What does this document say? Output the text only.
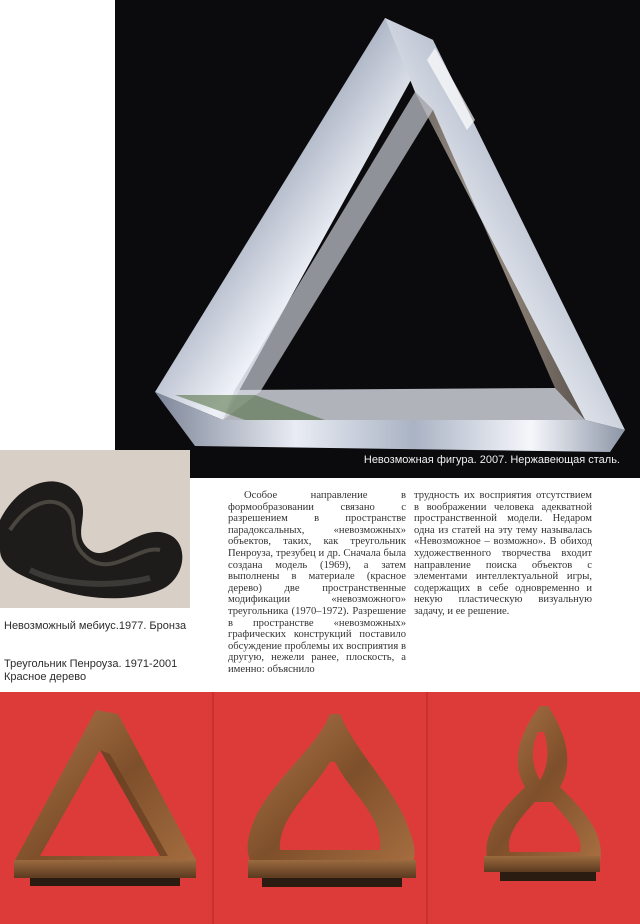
Невозможная фигура. 2007. Нержавеющая сталь.
Невозможный мебиус.1977. Бронза
Треугольник Пенроуза. 1971-2001
Красное дерево

Особое направление в формообразовании связано с разрешением в пространстве парадоксальных, «невозможных» объектов, таких, как треугольник Пенроуза, трезубец и др. Сначала была создана модель (1969), а затем выполнены в материале (красное дерево) две пространственные модификации «невозможного» треугольника (1970–1972). Разрешение в пространстве «невозможных» графических конструкций поставило обсуждение проблемы их восприятия в другую, нежели ранее, плоскость, а именно: объяснило

трудность их восприятия отсутствием в воображении человека адекватной пространственной модели. Недаром одна из статей на эту тему называлась «Невозможное – возможно». В обиход художественного творчества входит направление поиска объектов с элементами интеллектуальной игры, содержащих в себе одновременно и некую пластическую визуальную задачу, и ее решение.
